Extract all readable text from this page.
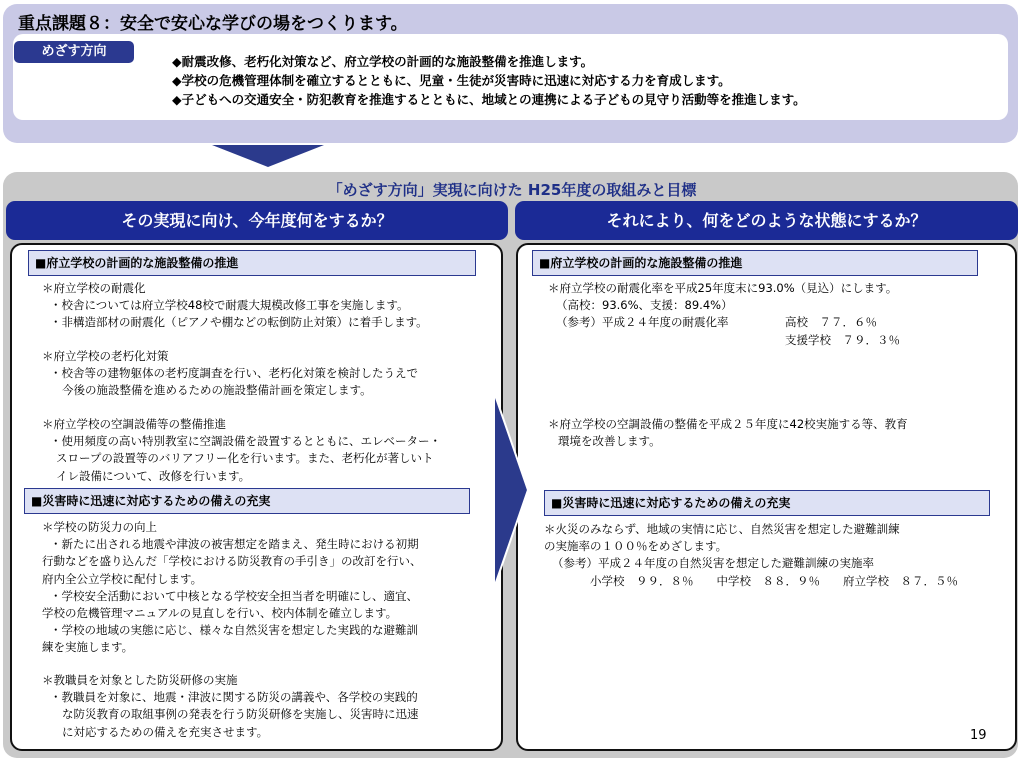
重点課題８：安全で安心な学びの場をつくります。
めざす方向
◆耐震改修、老朽化対策など、府立学校の計画的な施設整備を推進します。
◆学校の危機管理体制を確立するとともに、児童・生徒が災害時に迅速に対応する力を育成します。
◆子どもへの交通安全・防犯教育を推進するとともに、地域との連携による子どもの見守り活動等を推進します。
「めざす方向」実現に向けた H25年度の取組みと目標
その実現に向け、今年度何をするか？	それにより、何をどのような状態にするか？
■府立学校の計画的な施設整備の推進
＊府立学校の耐震化
・校舎については府立学校48校で耐震大規模改修工事を実施します。
・非構造部材の耐震化（ピアノや棚などの転倒防止対策）に着手します。
＊府立学校の老朽化対策
・校舎等の建物躯体の老朽度調査を行い、老朽化対策を検討したうえで
今後の施設整備を進めるための施設整備計画を策定します。
＊府立学校の空調設備等の整備推進
・使用頻度の高い特別教室に空調設備を設置するとともに、エレベーター・
スロープの設置等のバリアフリー化を行います。また、老朽化が著しいト
イレ設備について、改修を行います。
■災害時に迅速に対応するための備えの充実
＊学校の防災力の向上
・新たに出される地震や津波の被害想定を踏まえ、発生時における初期
行動などを盛り込んだ「学校における防災教育の手引き」の改訂を行い、
府内全公立学校に配付します。
・学校安全活動において中核となる学校安全担当者を明確にし、適宜、
学校の危機管理マニュアルの見直しを行い、校内体制を確立します。
・学校の地域の実態に応じ、様々な自然災害を想定した実践的な避難訓
練を実施します。
＊教職員を対象とした防災研修の実施
・教職員を対象に、地震・津波に関する防災の講義や、各学校の実践的
な防災教育の取組事例の発表を行う防災研修を実施し、災害時に迅速
に対応するための備えを充実させます。
■府立学校の計画的な施設整備の推進
＊府立学校の耐震化率を平成25年度末に93.0%（見込）にします。
（高校：93.6%、支援：89.4%）
（参考）平成２４年度の耐震化率	高校　７７．６％
支援学校　７９．３％
＊府立学校の空調設備の整備を平成２５年度に42校実施する等、教育
環境を改善します。
■災害時に迅速に対応するための備えの充実
＊火災のみならず、地域の実情に応じ、自然災害を想定した避難訓練
の実施率の１００％をめざします。
（参考）平成２４年度の自然災害を想定した避難訓練の実施率
小学校　９９．８％　　中学校　８８．９％　　府立学校　８７．５％
19
